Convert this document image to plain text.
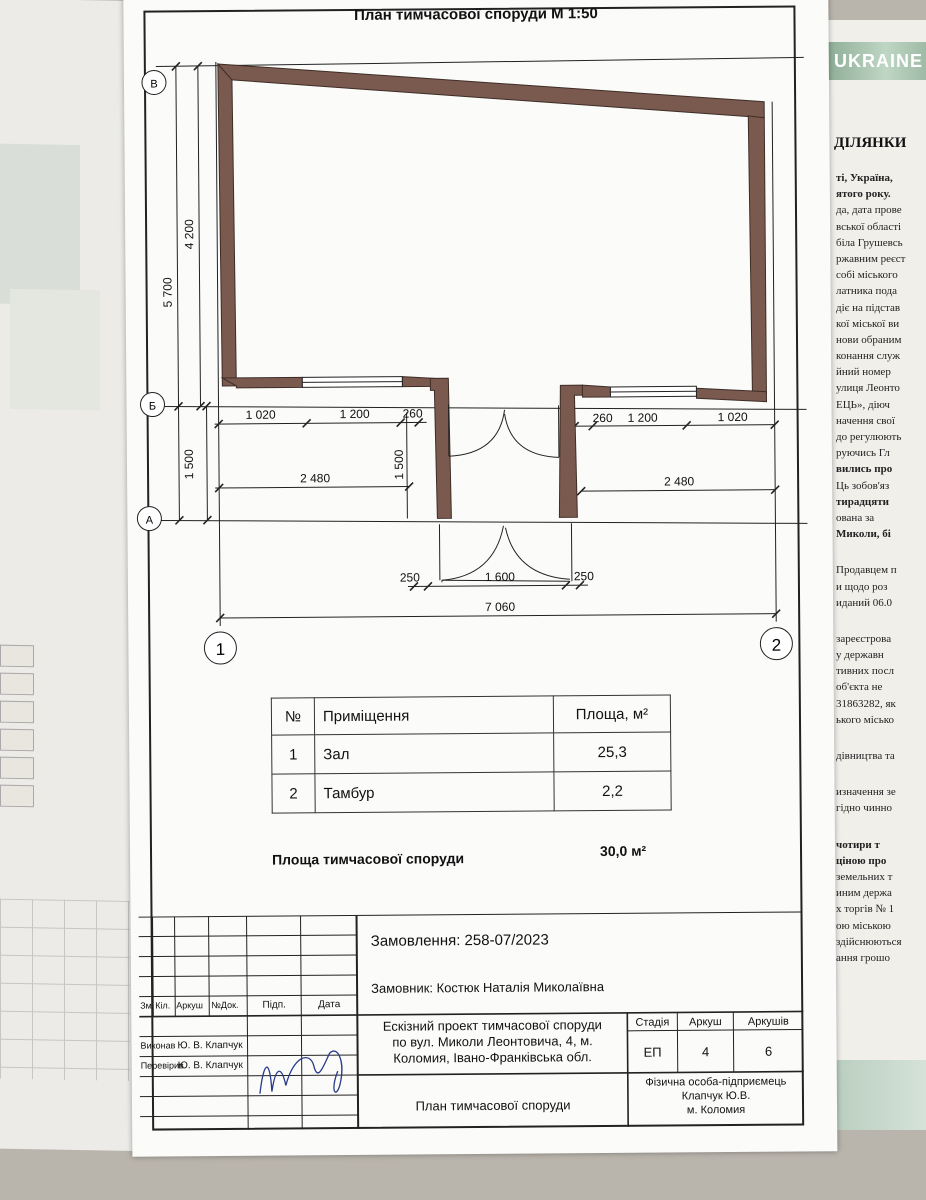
UKRAINE
ДІЛЯНКИ
ті, Україна,
ятого року.
да, дата прове
вської області
біла Грушевсь
ржавним реєст
собі міського
латника пода
діє на підстав
кої міської ви
нови обраним
конання служ
йний номер
улиця Леонто
ЕЦЬ», діюч
начення свої
до регулюють
руючись Гл
вились про
Ць зобов'яз
тирадцяти
ована за
Миколи, бі
Продавцем п
и щодо роз
иданий 06.0
зареєстрова
у державн
тивних посл
об'єкта не
31863282, як
ького місько
дівництва та
изначення зе
гідно чинно
чотири т
ціною про
земельних т
иним держа
х торгів № 1
ою міською
здійснюються
ання грошо
План тимчасової споруди М 1:50
В
Б
А
1	2
1 020	1 200	260	260 1 200	1 020
2 480	2 480
1 500
1 500
4 200
5 700
250	1 600	250
7 060
№	Приміщення	Площа, м²
1	Зал	25,3
2	Тамбур	2,2
Площа тимчасової споруди	30,0 м²
Замовлення: 258-07/2023
Замовник: Костюк Наталія Миколаївна
Ескізний проект тимчасової споруди
по вул. Миколи Леонтовича, 4, м.
Коломия, Івано-Франківська обл.
Стадія	Аркуш	Аркушів
ЕП	4	6
План тимчасової споруди
Фізична особа-підприємець
Клапчук Ю.В.
м. Коломия
Зм. Кіл. Аркуш №Док.	Підп.	Дата
Виконав
Перевірив
Ю. В. Клапчук
Ю. В. Клапчук
